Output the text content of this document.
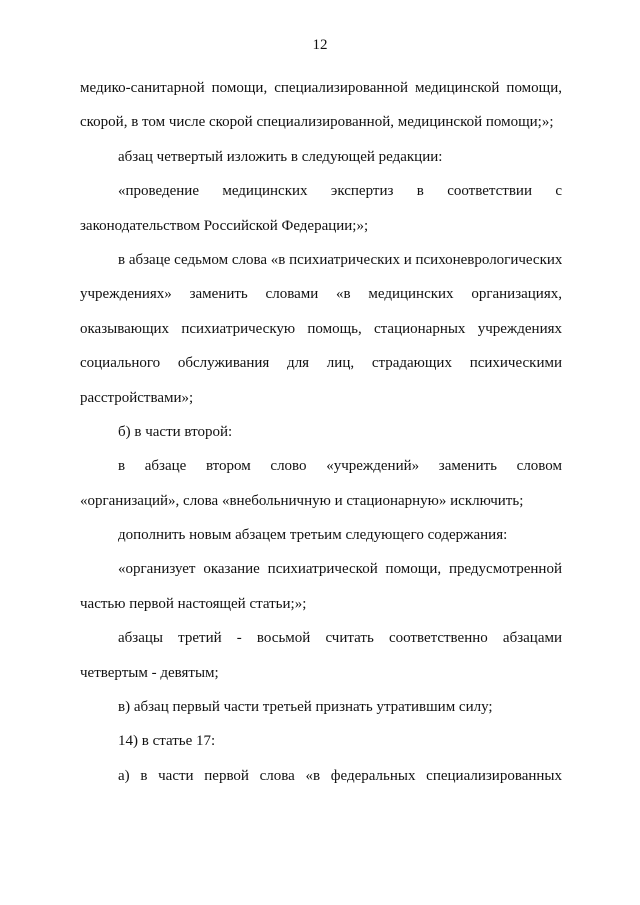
12
медико-санитарной помощи, специализированной медицинской помощи,
скорой, в том числе скорой специализированной, медицинской помощи;»;
абзац четвертый изложить в следующей редакции:
«проведение медицинских экспертиз в соответствии с
законодательством Российской Федерации;»;
в абзаце седьмом слова «в психиатрических и психоневрологических
учреждениях» заменить словами «в медицинских организациях,
оказывающих психиатрическую помощь, стационарных учреждениях
социального обслуживания для лиц, страдающих психическими
расстройствами»;
б) в части второй:
в абзаце втором слово «учреждений» заменить словом
«организаций», слова «внебольничную и стационарную» исключить;
дополнить новым абзацем третьим следующего содержания:
«организует оказание психиатрической помощи, предусмотренной
частью первой настоящей статьи;»;
абзацы третий - восьмой считать соответственно абзацами
четвертым - девятым;
в) абзац первый части третьей признать утратившим силу;
14) в статье 17:
а) в части первой слова «в федеральных специализированных
